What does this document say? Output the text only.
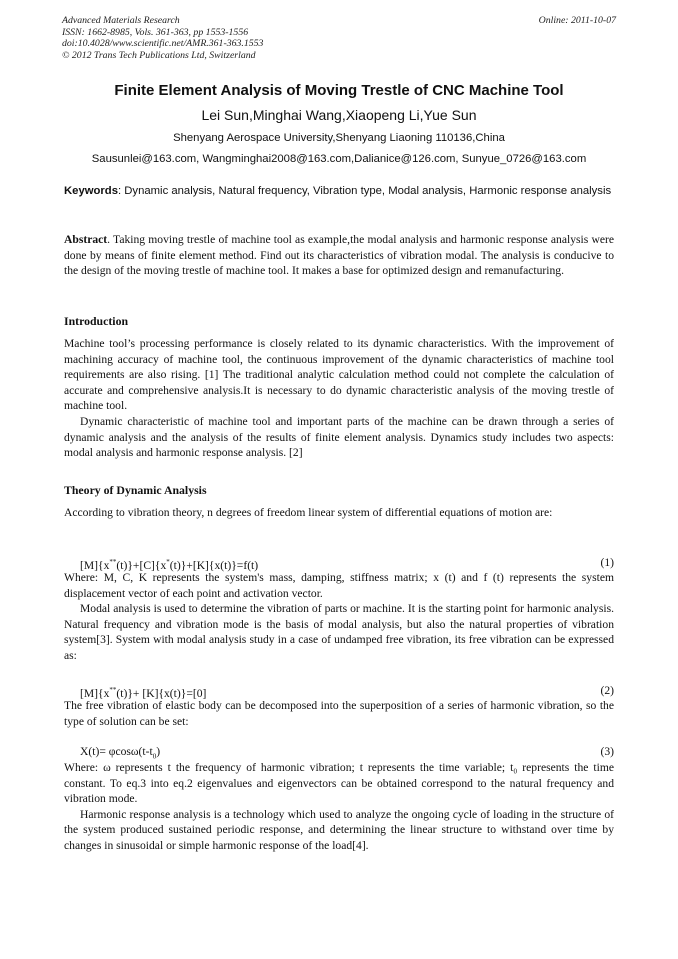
Advanced Materials Research
ISSN: 1662-8985, Vols. 361-363, pp 1553-1556
doi:10.4028/www.scientific.net/AMR.361-363.1553
© 2012 Trans Tech Publications Ltd, Switzerland
Online: 2011-10-07
Finite Element Analysis of Moving Trestle of CNC Machine Tool
Lei Sun,Minghai Wang,Xiaopeng Li,Yue Sun
Shenyang Aerospace University,Shenyang Liaoning 110136,China
Sausunlei@163.com, Wangminghai2008@163.com,Dalianice@126.com, Sunyue_0726@163.com
Keywords: Dynamic analysis, Natural frequency, Vibration type, Modal analysis, Harmonic response analysis

Abstract. Taking moving trestle of machine tool as example,the modal analysis and harmonic response analysis were done by means of finite element method. Find out its characteristics of vibration modal. The analysis is conducive to the design of the moving trestle of machine tool. It makes a base for optimized design and remanufacturing.

Introduction

Machine tool’s processing performance is closely related to its dynamic characteristics. With the improvement of machining accuracy of machine tool, the continuous improvement of the dynamic characteristics of machine tool requirements are also rising. [1] The traditional analytic calculation method could not complete the calculation of accurate and comprehensive analysis.It is necessary to do dynamic characteristic analysis of the moving trestle of machine tool.

Dynamic characteristic of machine tool and important parts of the machine can be drawn through a series of dynamic analysis and the analysis of the results of finite element analysis. Dynamics study includes two aspects: modal analysis and harmonic response analysis. [2]

Theory of Dynamic Analysis
According to vibration theory, n degrees of freedom linear system of differential equations of motion are:
[M]{x**(t)}+[C]{x*(t)}+[K]{x(t)}=f(t)	(1)

Where: M, C, K represents the system's mass, damping, stiffness matrix; x (t) and f (t) represents the system displacement vector of each point and activation vector.

Modal analysis is used to determine the vibration of parts or machine. It is the starting point for harmonic analysis. Natural frequency and vibration mode is the basis of modal analysis, but also the natural properties of vibration system[3]. System with modal analysis study in a case of undamped free vibration, its free vibration can be expressed as:

[M]{x**(t)}+ [K]{x(t)}=[0]	(2)
The free vibration of elastic body can be decomposed into the superposition of a series of harmonic vibration, so the type of solution can be set:
$X(t)= \varphi\cos\omega(t-t_0)$	(3)

Where: ω represents t the frequency of harmonic vibration; t represents the time variable; t₀ represents the time constant. To eq.3 into eq.2 eigenvalues and eigenvectors can be obtained correspond to the natural frequency and vibration mode.

Harmonic response analysis is a technology which used to analyze the ongoing cycle of loading in the structure of the system produced sustained periodic response, and determining the linear structure to withstand over time by changes in sinusoidal or simple harmonic response of the load[4].
